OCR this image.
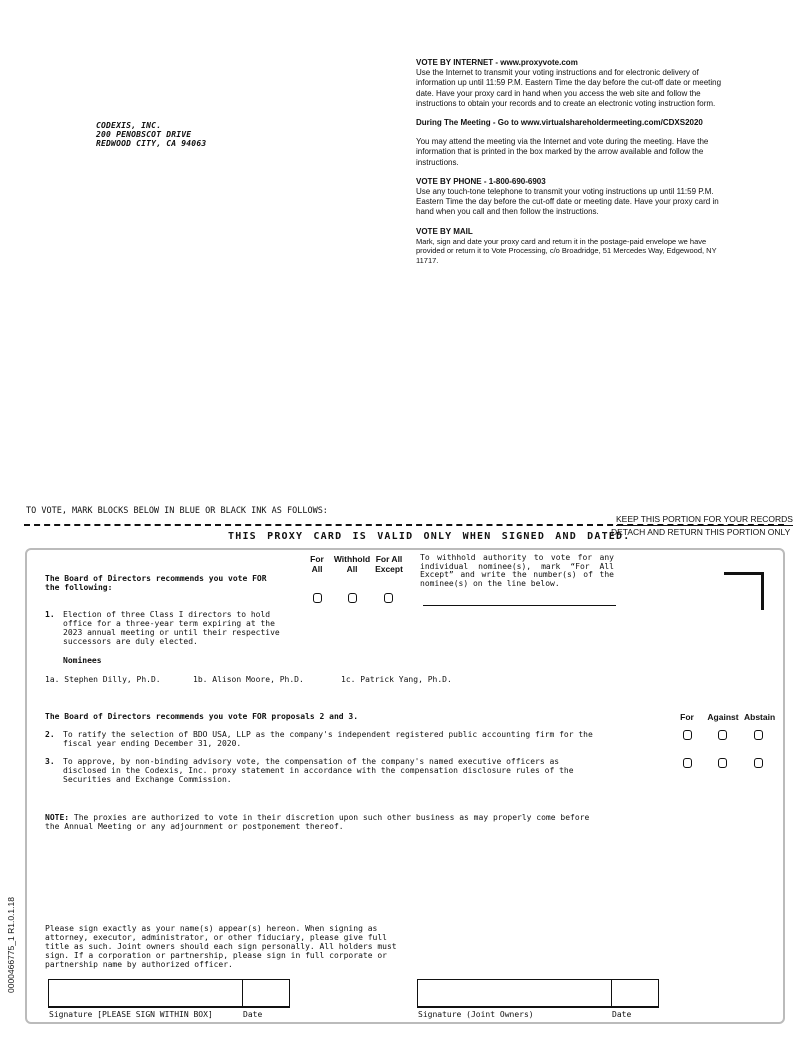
CODEXIS, INC.
200 PENOBSCOT DRIVE
REDWOOD CITY, CA 94063

VOTE BY INTERNET - www.proxyvote.com

Use the Internet to transmit your voting instructions and for electronic delivery of information up until 11:59 P.M. Eastern Time the day before the cut-off date or meeting date. Have your proxy card in hand when you access the web site and follow the instructions to obtain your records and to create an electronic voting instruction form.

During The Meeting - Go to www.virtualshareholdermeeting.com/CDXS2020

You may attend the meeting via the Internet and vote during the meeting. Have the information that is printed in the box marked by the arrow available and follow the instructions.

VOTE BY PHONE - 1-800-690-6903

Use any touch-tone telephone to transmit your voting instructions up until 11:59 P.M. Eastern Time the day before the cut-off date or meeting date. Have your proxy card in hand when you call and then follow the instructions.

VOTE BY MAIL

Mark, sign and date your proxy card and return it in the postage-paid envelope we have provided or return it to Vote Processing, c/o Broadridge, 51 Mercedes Way, Edgewood, NY 11717.

TO VOTE, MARK BLOCKS BELOW IN BLUE OR BLACK INK AS FOLLOWS:
KEEP THIS PORTION FOR YOUR RECORDS
DETACH AND RETURN THIS PORTION ONLY
THIS PROXY CARD IS VALID ONLY WHEN SIGNED AND DATED.
For
All
Withhold
All
For All
Except
To withhold authority to vote for any individual nominee(s), mark “For All Except” and write the number(s) of the nominee(s) on the line below.
The Board of Directors recommends you vote FOR
the following:
1. Election of three Class I directors to hold
office for a three-year term expiring at the
2023 annual meeting or until their respective
successors are duly elected.
Nominees
1a. Stephen Dilly, Ph.D.	1b. Alison Moore, Ph.D.	1c. Patrick Yang, Ph.D.
The Board of Directors recommends you vote FOR proposals 2 and 3.	For	Against Abstain
2. To ratify the selection of BDO USA, LLP as the company's independent registered public accounting firm for the
fiscal year ending December 31, 2020.
3. To approve, by non-binding advisory vote, the compensation of the company's named executive officers as
disclosed in the Codexis, Inc. proxy statement in accordance with the compensation disclosure rules of the
Securities and Exchange Commission.
NOTE: The proxies are authorized to vote in their discretion upon such other business as may properly come before
the Annual Meeting or any adjournment or postponement thereof.
Please sign exactly as your name(s) appear(s) hereon. When signing as
attorney, executor, administrator, or other fiduciary, please give full
title as such. Joint owners should each sign personally. All holders must
sign. If a corporation or partnership, please sign in full corporate or
partnership name by authorized officer.
Signature [PLEASE SIGN WITHIN BOX]	Date	Signature (Joint Owners)	Date
0000466775_1 R1.0.1.18
